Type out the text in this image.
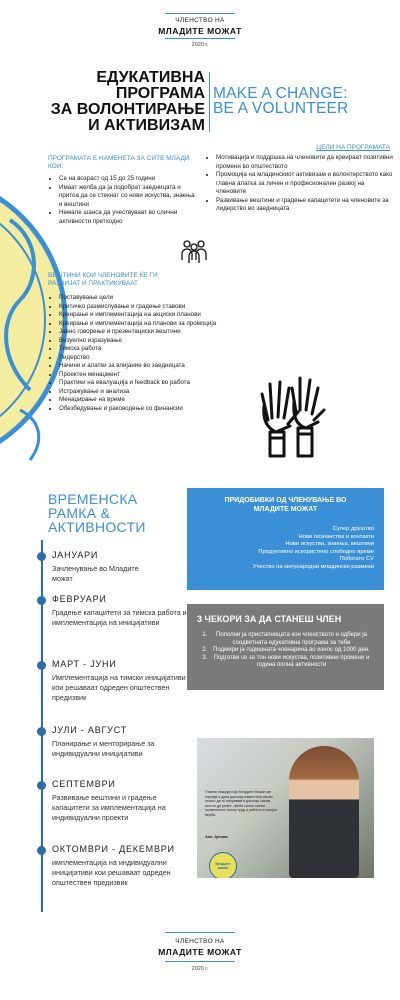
ЧЛЕНСТВО НА
МЛАДИТЕ МОЖАТ
2020 г.
ЕДУКАТИВНА
ПРОГРАМА
ЗА ВОЛОНТИРАЊЕ
И АКТИВИЗАМ
MAKE A CHANGE:
BE A VOLUNTEER
ЦЕЛИ НА ПРОГРАМАТА
• Мотивација и поддршка на членовите да креираат позитивни промени во општеството
• Промоција на младинскиот активизам и волонтерството како главна алатка за личен и професионален развој на членовите
• Развивање вештини и градење капацитети на членовите за лидерство во заедницата
ПРОГРАМАТА Е НАМЕНЕТА ЗА СИТЕ МЛАДИ КОИ:
• Се на возраст од 15 до 25 години
• Имаат желба да ја подобрат заедницата и притоа да се стекнат со нови искуства, знаења и вештини
• Немале шанса да учествуваат во слични активности претходно
ВЕШТИНИ КОИ ЧЛЕНОВИТЕ ЌЕ ГИ РАЗВИЈАТ И ПРАКТИКУВААТ
• Поставување цели
• Критичко размислување и градење ставови
• Креирање и имплементација на акциски планови
• Креирање и имплементација на планови за промоција
• Јавно говорење и презентациски вештини
• Визуелно изразување
• Тимска работа
• Лидерство
• Начини и алатки за влијание во заедницата
• Проектен менаџмент
• Практики на евалуација и feedback во работа
• Истражување и анализа
• Менаџирање на време
• Обезбедување и раководење со финансии
ВРЕМЕНСКА
РАМКА &
АКТИВНОСТИ
ЈАНУАРИ
Зачленување во Младите можат
ФЕВРУАРИ
Градење капацитети за тимска работа и имплементација на иницијативи
МАРТ - ЈУНИ
Имплементација на тимски иницијативи кои решаваат одреден општествен предизвик
ЈУЛИ - АВГУСТ
Планирање и менторирање за индивидуални иницијативи
СЕПТЕМВРИ
Развивање вештини и градење капацитети за имплементација на индивидуални проекти
ОКТОМВРИ - ДЕКЕМВРИ
имплементација на индивидуални иницијативи кои решаваат одреден општествен предизвик
ПРИДОБИВКИ ОД ЧЛЕНУВАЊЕ ВО МЛАДИТЕ МОЖАТ
Супер друштво
Нови познанства и контакти
Нови искуства, знаења, вештини
Продуктивно искористено слободно време
Побогато CV
Учество на меѓународни младински размени
3 ЧЕКОРИ ЗА ДА СТАНЕШ ЧЛЕН
1. Пополни ја пристапницата кон членството и одбери ја соодветната едукативна програма за тебе
2. Подмири ја годишната членарина во износ од 1000 ден.
3. Подготви се за тон нови искуства, позитивни промени и година полна активности
Главна лекција која Младите Можат ме научија е дека доколку навистина сакам нешто да го направам и доколку сакам истото да успее, треба силно силно посветеност, многу труд и работа и сокојно верба.
Ана Јупова
Младите можат
ЧЛЕНСТВО НА
МЛАДИТЕ МОЖАТ
2020 г.
